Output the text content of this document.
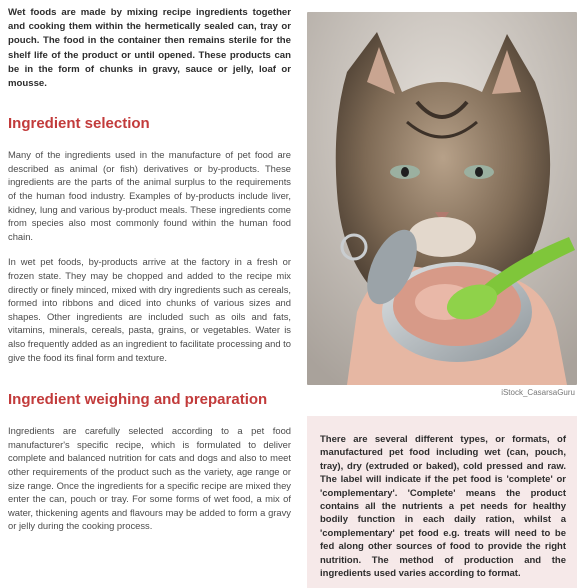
Wet foods are made by mixing recipe ingredients together and cooking them within the hermetically sealed can, tray or pouch. The food in the container then remains sterile for the shelf life of the product or until opened. These products can be in the form of chunks in gravy, sauce or jelly, loaf or mousse.

Ingredient selection

Many of the ingredients used in the manufacture of pet food are described as animal (or fish) derivatives or by-products. These ingredients are the parts of the animal surplus to the requirements of the human food industry. Examples of by-products include liver, kidney, lung and various by-product meals. These ingredients come from species also most commonly found within the human food chain.

In wet pet foods, by-products arrive at the factory in a fresh or frozen state. They may be chopped and added to the recipe mix directly or finely minced, mixed with dry ingredients such as cereals, formed into ribbons and diced into chunks of various sizes and shapes. Other ingredients are included such as oils and fats, vitamins, minerals, cereals, pasta, grains, or vegetables. Water is also frequently added as an ingredient to facilitate processing and to give the food its final form and texture.

Ingredient weighing and preparation

Ingredients are carefully selected according to a pet food manufacturer's specific recipe, which is formulated to deliver complete and balanced nutrition for cats and dogs and also to meet other requirements of the product such as the variety, age range or size range. Once the ingredients for a specific recipe are mixed they enter the can, pouch or tray. For some forms of wet food, a mix of water, thickening agents and flavours may be added to form a gravy or jelly during the cooking process.

iStock_CasarsaGuru

There are several different types, or formats, of manufactured pet food including wet (can, pouch, tray), dry (extruded or baked), cold pressed and raw. The label will indicate if the pet food is 'complete' or 'complementary'. 'Complete' means the product contains all the nutrients a pet needs for healthy bodily function in each daily ration, whilst a 'complementary' pet food e.g. treats will need to be fed along other sources of food to provide the right nutrition. The method of production and the ingredients used varies according to format.
